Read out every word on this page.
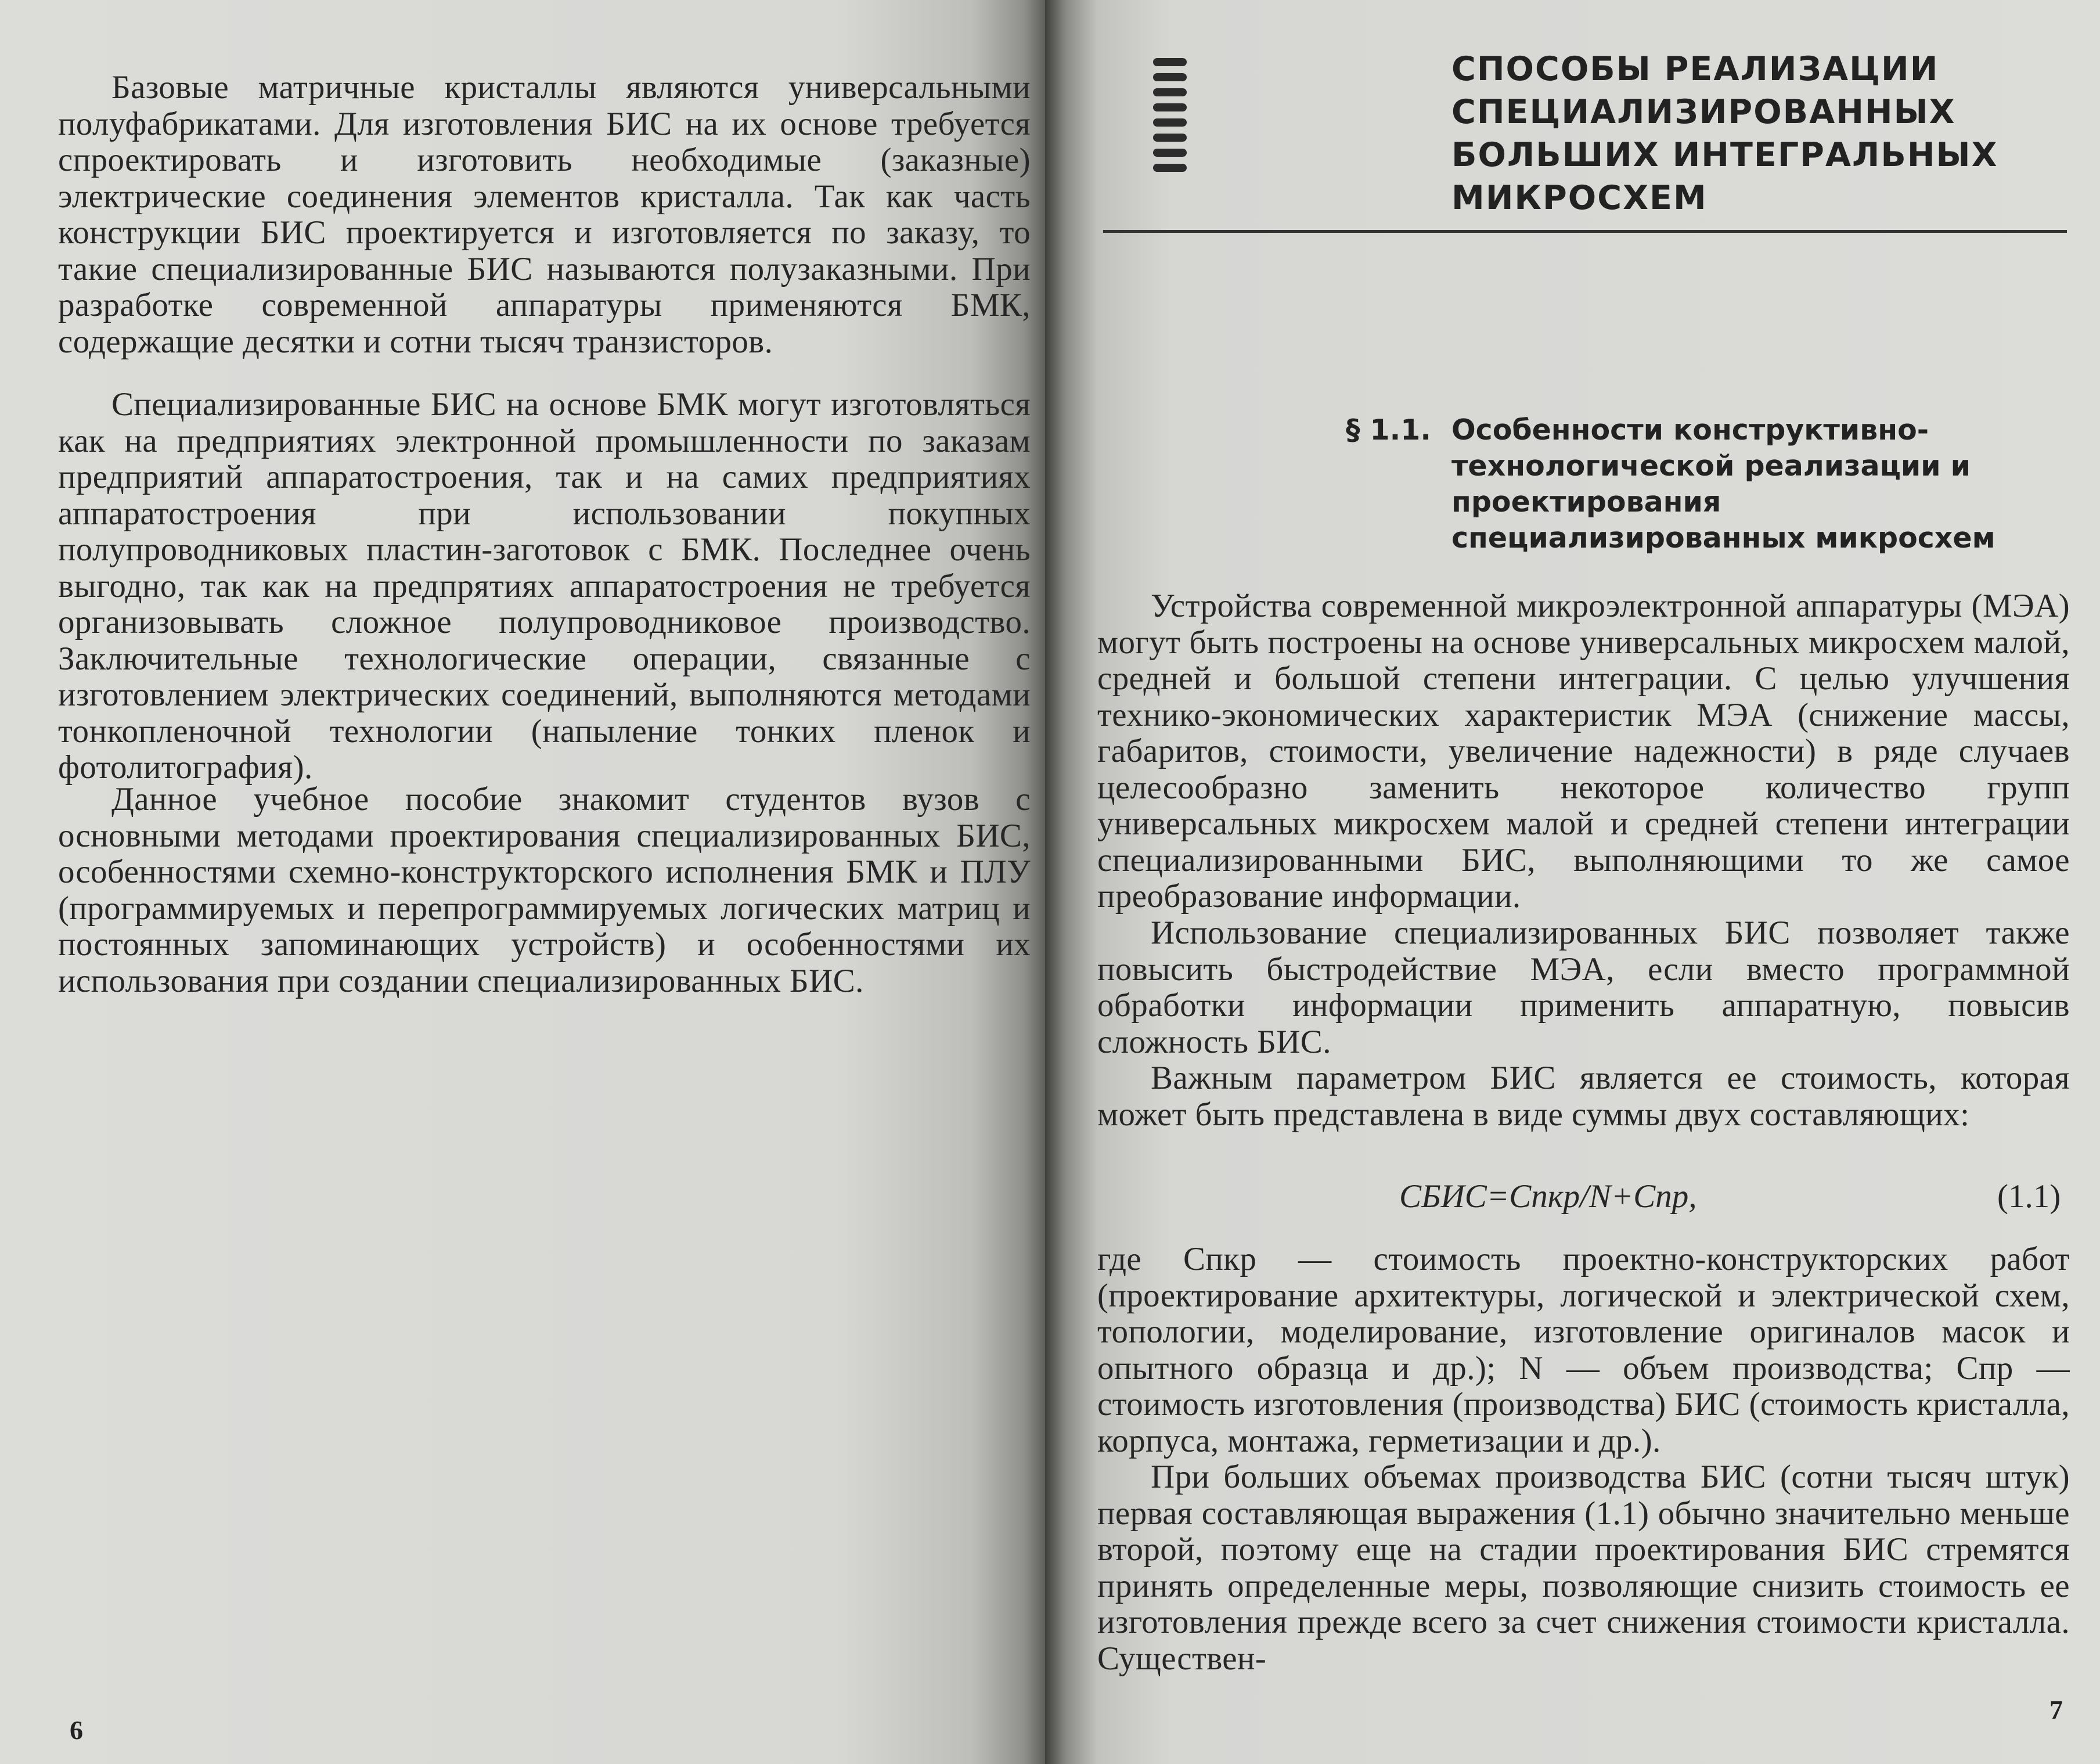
Базовые матричные кристаллы являются универсальными полуфабрикатами. Для изготовления БИС на их основе требуется спроектировать и изготовить необходимые (заказные) электрические соединения элементов кристалла. Так как часть конструкции БИС проектируется и изготовляется по заказу, то такие специализированные БИС называются полузаказными. При разработке современной аппаратуры применяются БМК, содержащие десятки и сотни тысяч транзисторов.

Специализированные БИС на основе БМК могут изготовляться как на предприятиях электронной промышленности по заказам предприятий аппаратостроения, так и на самих предприятиях аппаратостроения при использовании покупных полупроводниковых пластин-заготовок с БМК. Последнее очень выгодно, так как на предпрятиях аппаратостроения не требуется организовывать сложное полупроводниковое производство. Заключительные технологические операции, связанные с изготовлением электрических соединений, выполняются методами тонкопленочной технологии (напыление тонких пленок и фотолитография).

Данное учебное пособие знакомит студентов вузов с основными методами проектирования специализированных БИС, особенностями схемно-конструкторского исполнения БМК и ПЛУ (программируемых и перепрограммируемых логических матриц и постоянных запоминающих устройств) и особенностями их использования при создании специализированных БИС.

6

СПОСОБЫ РЕАЛИЗАЦИИ СПЕЦИАЛИЗИРОВАННЫХ БОЛЬШИХ ИНТЕГРАЛЬНЫХ МИКРОСХЕМ
§ 1.1. Особенности конструктивно-технологической реализации и проектирования специализированных микросхем

Устройства современной микроэлектронной аппаратуры (МЭА) могут быть построены на основе универсальных микросхем малой, средней и большой степени интеграции. С целью улучшения технико-экономических характеристик МЭА (снижение массы, габаритов, стоимости, увеличение надежности) в ряде случаев целесообразно заменить некоторое количество групп универсальных микросхем малой и средней степени интеграции специализированными БИС, выполняющими то же самое преобразование информации.

Использование специализированных БИС позволяет также повысить быстродействие МЭА, если вместо программной обработки информации применить аппаратную, повысив сложность БИС.

Важным параметром БИС является ее стоимость, которая может быть представлена в виде суммы двух составляющих:

CБИС=Cпкр/N+Cпр,	(1.1)

где Cпкр — стоимость проектно-конструкторских работ (проектирование архитектуры, логической и электрической схем, топологии, моделирование, изготовление оригиналов масок и опытного образца и др.); N — объем производства; Cпр — стоимость изготовления (производства) БИС (стоимость кристалла, корпуса, монтажа, герметизации и др.).

При больших объемах производства БИС (сотни тысяч штук) первая составляющая выражения (1.1) обычно значительно меньше второй, поэтому еще на стадии проектирования БИС стремятся принять определенные меры, позволяющие снизить стоимость ее изготовления прежде всего за счет снижения стоимости кристалла. Существен-

7
